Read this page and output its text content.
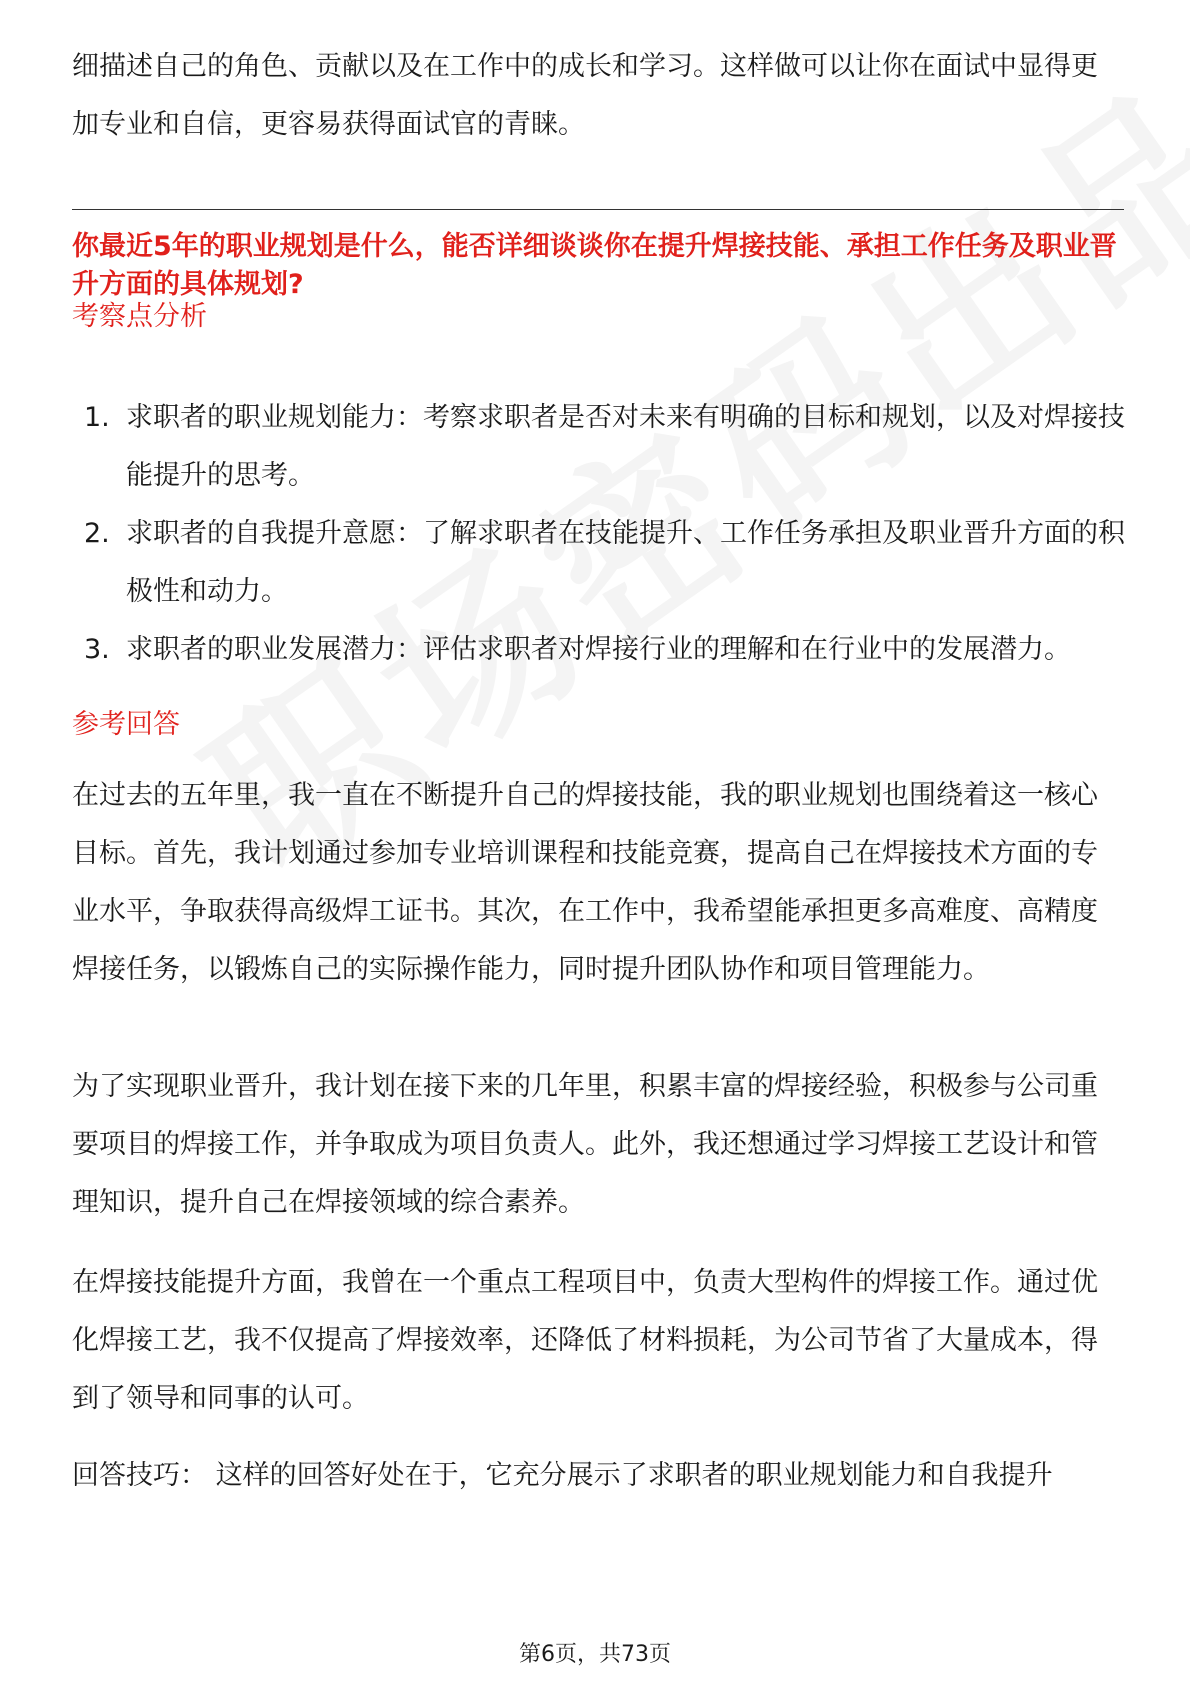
细描述自己的角色、贡献以及在工作中的成长和学习。这样做可以让你在面试中显得更加专业和自信，更容易获得面试官的青睐。

你最近5年的职业规划是什么，能否详细谈谈你在提升焊接技能、承担工作任务及职业晋升方面的具体规划?

考察点分析
1. 求职者的职业规划能力：考察求职者是否对未来有明确的目标和规划，以及对焊接技能提升的思考。
2. 求职者的自我提升意愿：了解求职者在技能提升、工作任务承担及职业晋升方面的积极性和动力。
3. 求职者的职业发展潜力：评估求职者对焊接行业的理解和在行业中的发展潜力。
参考回答

在过去的五年里，我一直在不断提升自己的焊接技能，我的职业规划也围绕着这一核心目标。首先，我计划通过参加专业培训课程和技能竞赛，提高自己在焊接技术方面的专业水平，争取获得高级焊工证书。其次，在工作中，我希望能承担更多高难度、高精度焊接任务，以锻炼自己的实际操作能力，同时提升团队协作和项目管理能力。

为了实现职业晋升，我计划在接下来的几年里，积累丰富的焊接经验，积极参与公司重要项目的焊接工作，并争取成为项目负责人。此外，我还想通过学习焊接工艺设计和管理知识，提升自己在焊接领域的综合素养。

在焊接技能提升方面，我曾在一个重点工程项目中，负责大型构件的焊接工作。通过优化焊接工艺，我不仅提高了焊接效率，还降低了材料损耗，为公司节省了大量成本，得到了领导和同事的认可。

回答技巧： 这样的回答好处在于，它充分展示了求职者的职业规划能力和自我提升

第6页，共73页
